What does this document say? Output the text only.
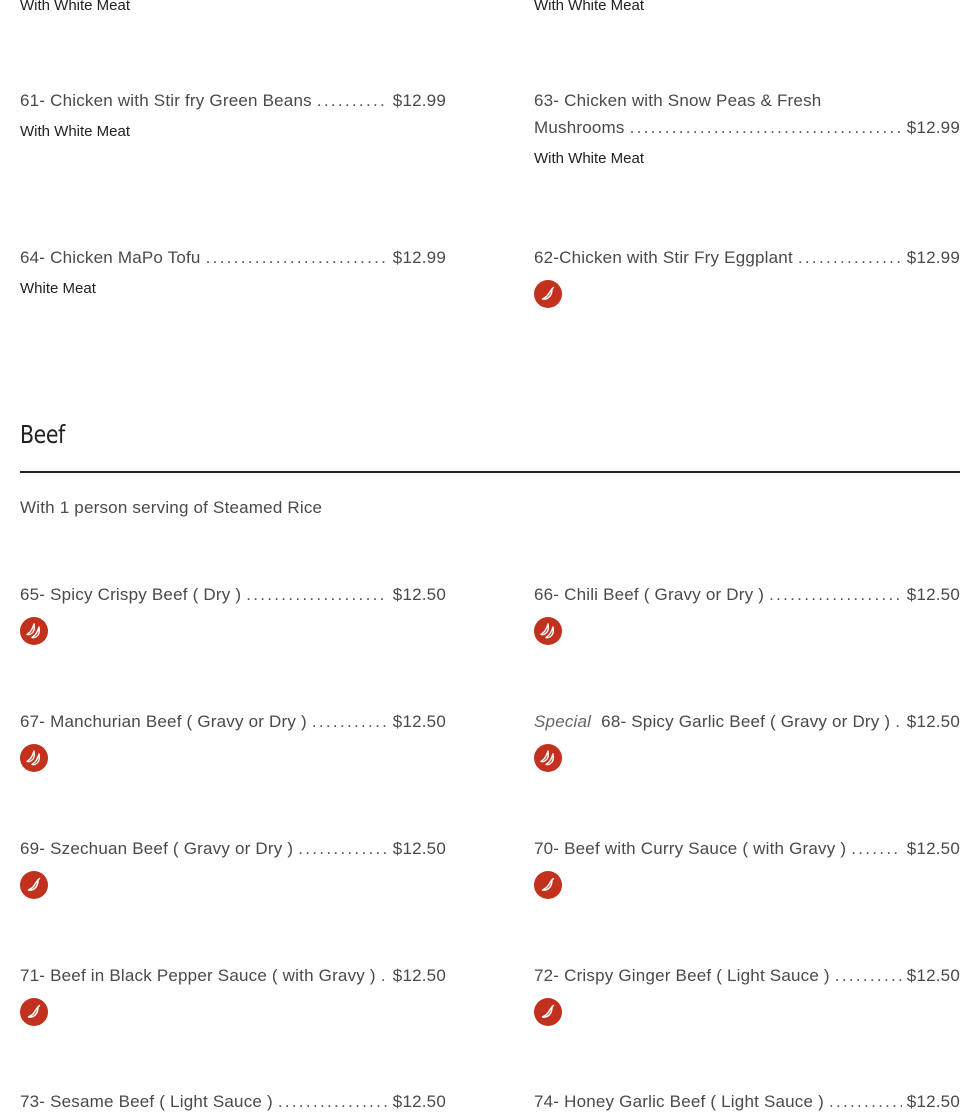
With White Meat	With White Meat
61- Chicken with Stir fry Green Beans .....	$12.99
With White Meat
63- Chicken with Snow Peas & Fresh
Mushrooms .....	$12.99
With White Meat
64- Chicken MaPo Tofu .....	$12.99
White Meat
62-Chicken with Stir Fry Eggplant .....	$12.99
Beef
With 1 person serving of Steamed Rice
65- Spicy Crispy Beef ( Dry ) .....	$12.50	66- Chili Beef ( Gravy or Dry ) .....	$12.50
67- Manchurian Beef ( Gravy or Dry ) .....	$12.50	Special 68- Spicy Garlic Beef ( Gravy or Dry ) ..... $12.50
69- Szechuan Beef ( Gravy or Dry ) .....	$12.50	70- Beef with Curry Sauce ( with Gravy ) .....	$12.50
71- Beef in Black Pepper Sauce ( with Gravy ) ..... $12.50	72- Crispy Ginger Beef ( Light Sauce ) .....	$12.50
73- Sesame Beef ( Light Sauce ) .....	$12.50	74- Honey Garlic Beef ( Light Sauce ) .....	$12.50
